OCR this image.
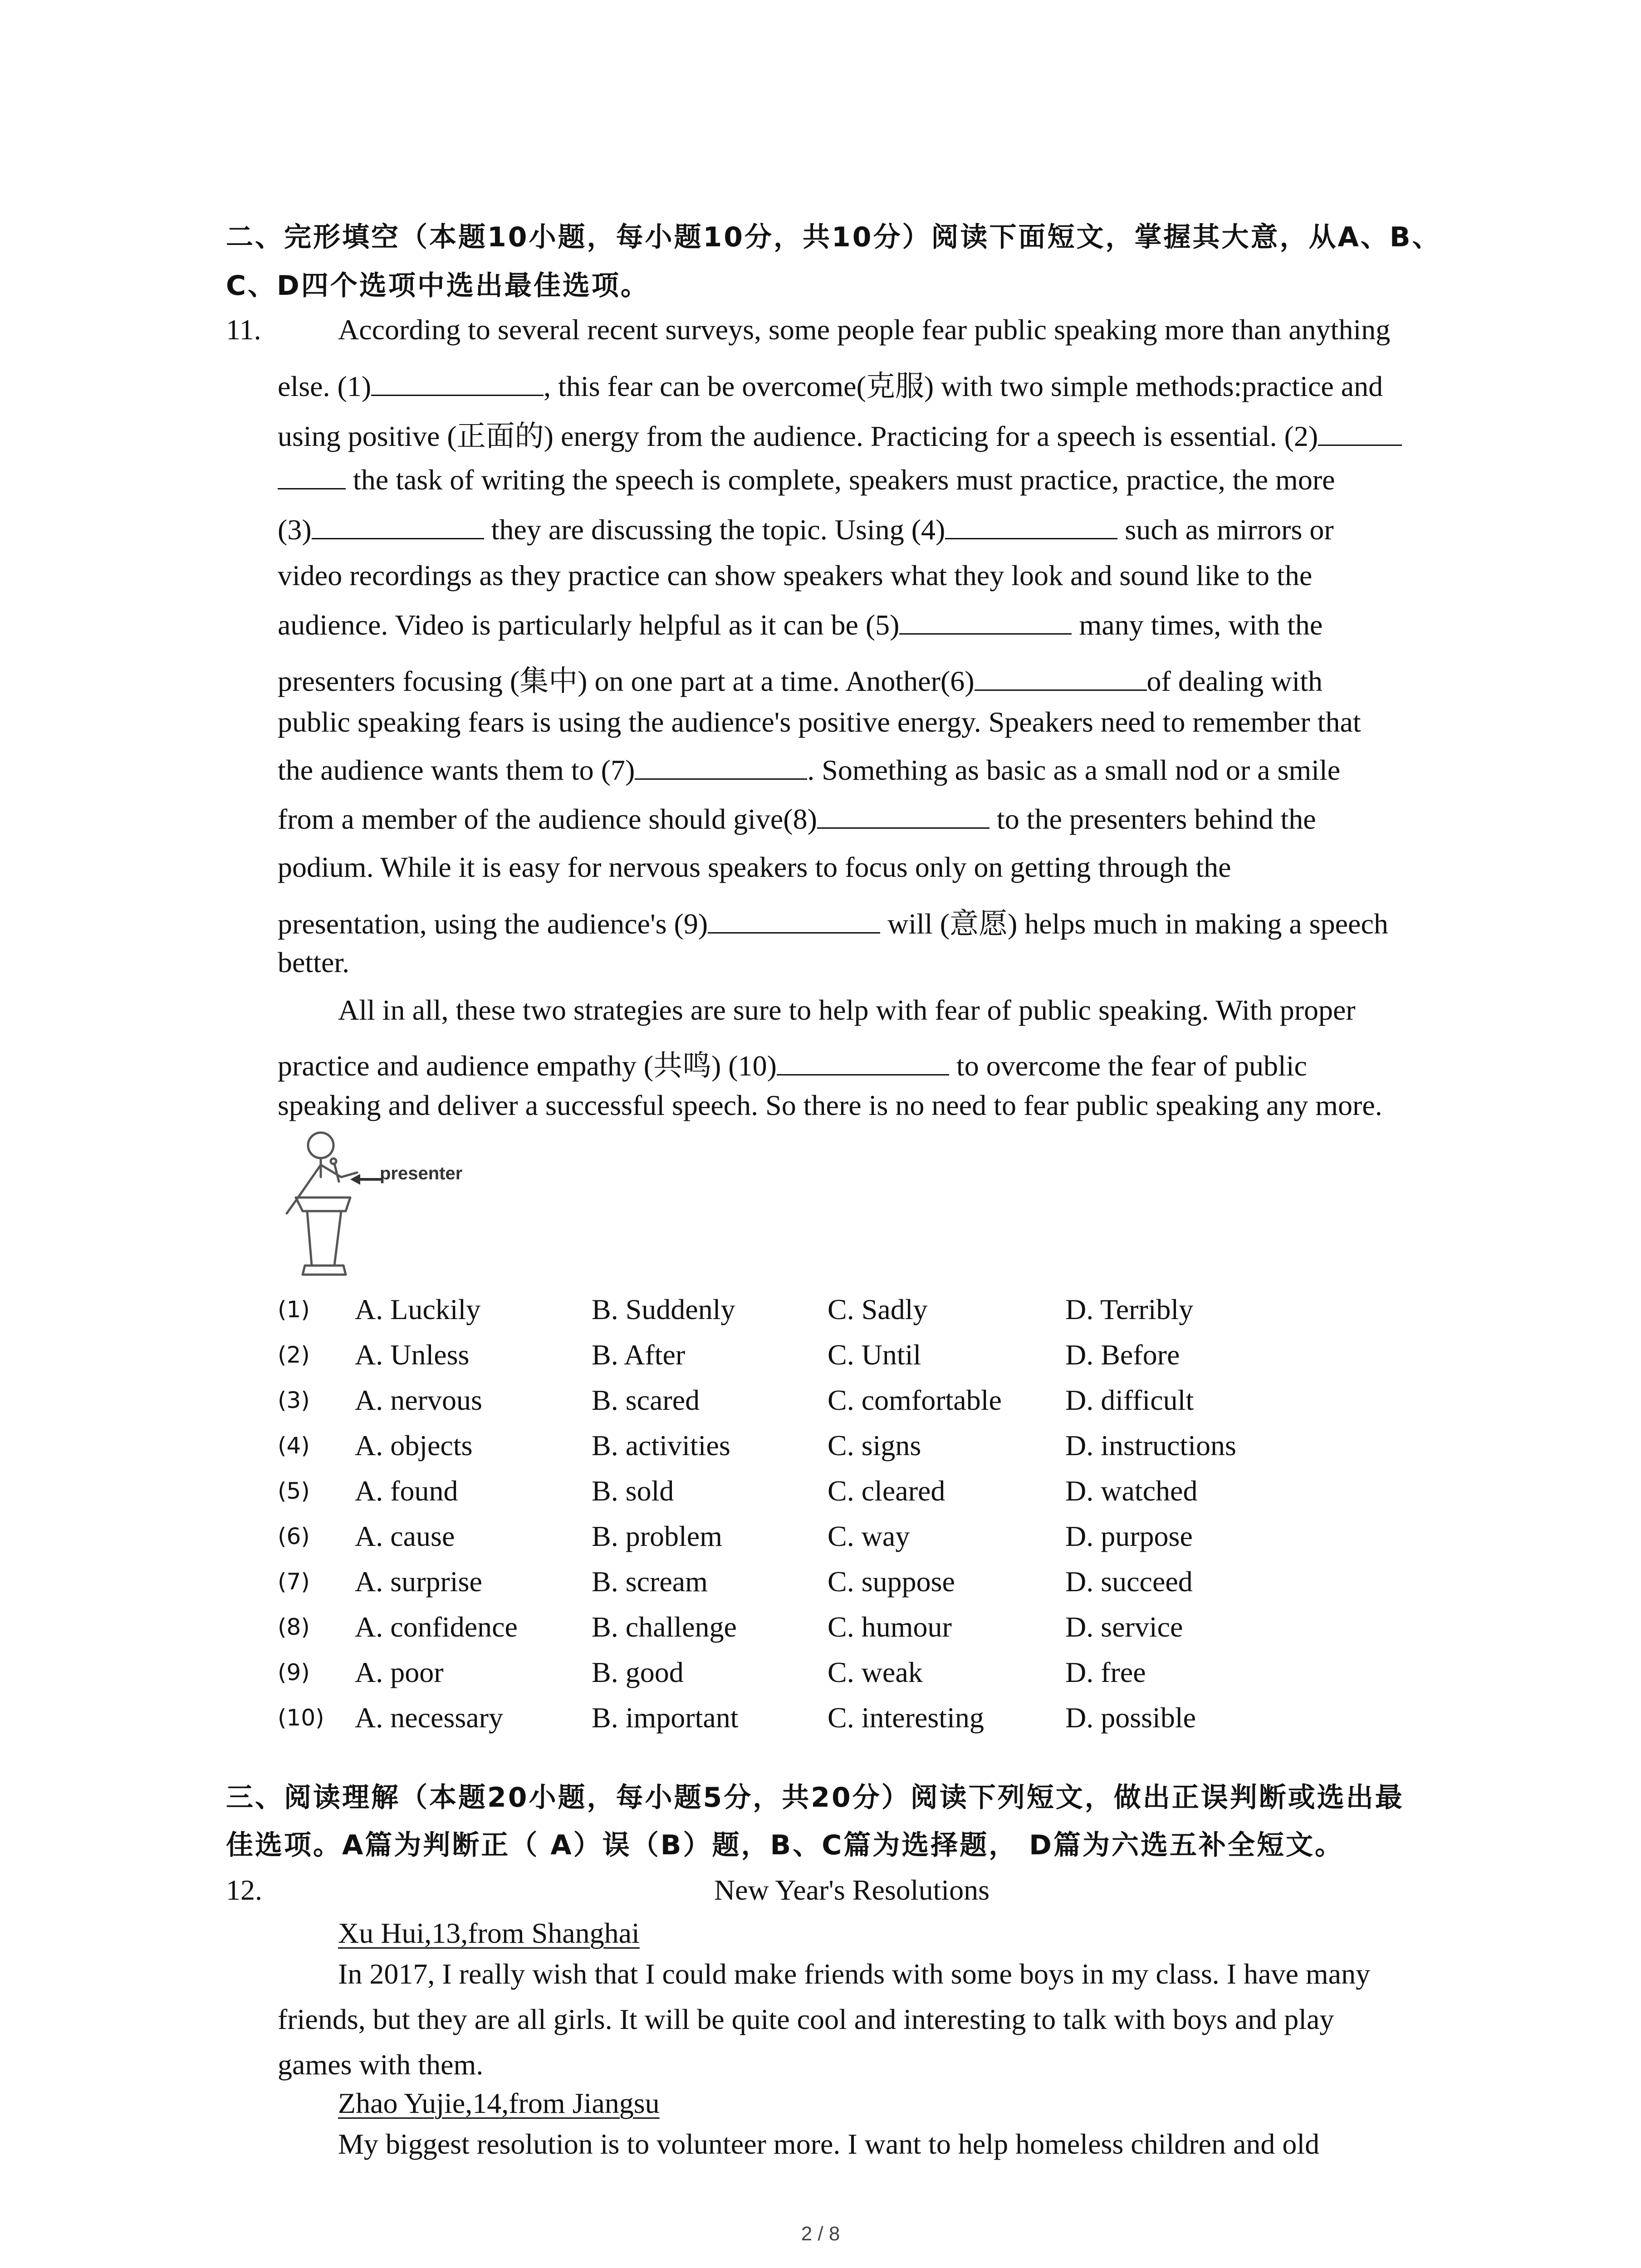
二、完形填空（本题10小题，每小题10分，共10分）阅读下面短文，掌握其大意，从A、B、
C、D四个选项中选出最佳选项。
11.	According to several recent surveys, some people fear public speaking more than anything
else. (1)	, this fear can be overcome(克服) with two simple methods:practice and
using positive (正面的) energy from the audience. Practicing for a speech is essential. (2)
the task of writing the speech is complete, speakers must practice, practice, the more
(3)	they are discussing the topic. Using (4)	such as mirrors or
video recordings as they practice can show speakers what they look and sound like to the
audience. Video is particularly helpful as it can be (5)	many times, with the
presenters focusing (集中) on one part at a time. Another(6)	of dealing with
public speaking fears is using the audience's positive energy. Speakers need to remember that
the audience wants them to (7)	. Something as basic as a small nod or a smile
from a member of the audience should give(8)	to the presenters behind the
podium. While it is easy for nervous speakers to focus only on getting through the
presentation, using the audience's (9)	will (意愿) helps much in making a speech
better.
All in all, these two strategies are sure to help with fear of public speaking. With proper
practice and audience empathy (共鸣) (10)	to overcome the fear of public
speaking and deliver a successful speech. So there is no need to fear public speaking any more.
presenter
(1) A. Luckily	B. Suddenly	C. Sadly	D. Terribly
(2) A. Unless	B. After	C. Until	D. Before
(3) A. nervous	B. scared	C. comfortable D. difficult
(4) A. objects	B. activities	C. signs	D. instructions
(5) A. found	B. sold	C. cleared	D. watched
(6) A. cause	B. problem	C. way	D. purpose
(7) A. surprise	B. scream	C. suppose	D. succeed
(8) A. confidence	B. challenge	C. humour	D. service
(9) A. poor	B. good	C. weak	D. free
(10) A. necessary	B. important	C. interesting	D. possible
三、阅读理解（本题20小题，每小题5分，共20分）阅读下列短文，做出正误判断或选出最
佳选项。A篇为判断正（ A）误（B）题，B、C篇为选择题， D篇为六选五补全短文。
12.	New Year's Resolutions
Xu Hui,13,from Shanghai
In 2017, I really wish that I could make friends with some boys in my class. I have many
friends, but they are all girls. It will be quite cool and interesting to talk with boys and play
games with them.
Zhao Yujie,14,from Jiangsu
My biggest resolution is to volunteer more. I want to help homeless children and old
2 / 8
